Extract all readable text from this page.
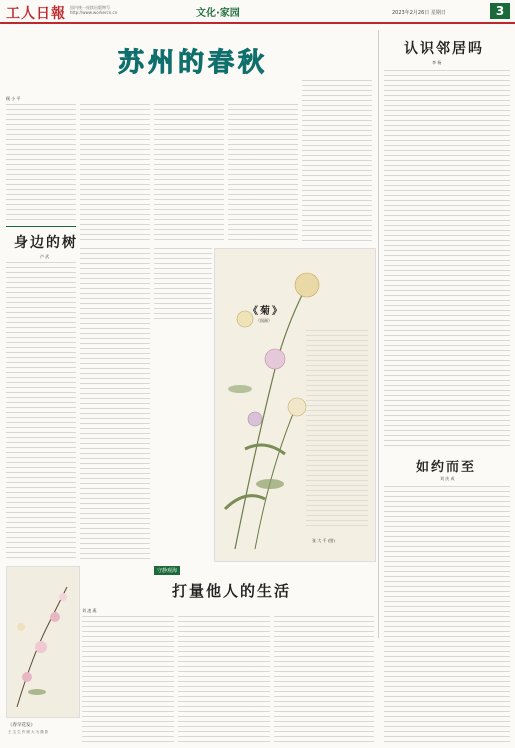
工人日報 国内统一连续出版物号
http://www.workercn.cn	文化·家园	2023年2月26日 星期日	3
苏州的春秋
顾 小 平
认识邻居吗
李 杨
身边的树
卢 武
《菊》
（国画）
张 大 千 (图)
如约而至
刘 庆 成
守静观海
打量他人的生活
刘 凌 燕
《春早花发》
王 宝 生 作 顾 大 为 摄 影
